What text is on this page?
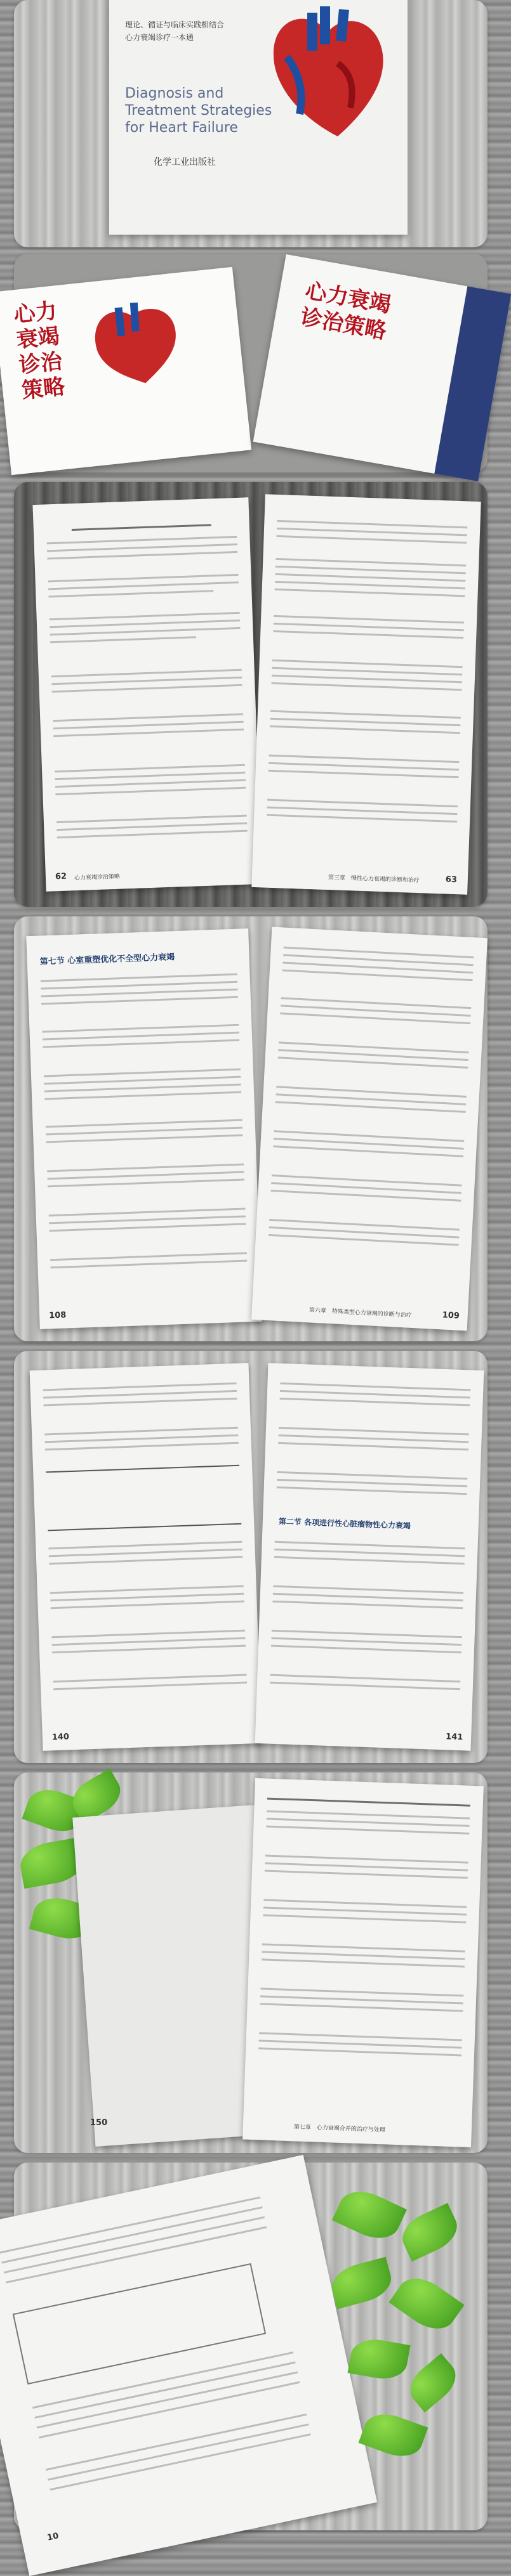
理论、循证与临床实践相结合
心力衰竭诊疗一本通
Diagnosis and
Treatment Strategies
for Heart Failure
化学工业出版社
心力衰竭诊治策略
心力衰竭诊治策略
62 心力衰竭诊治策略	第三章　慢性心力衰竭的诊断和治疗	63
第七节 心室重塑优化不全型心力衰竭
108	第六章　特殊类型心力衰竭的诊断与治疗	109
140
第二节 各项进行性心脏瘤物性心力衰竭
141
第七章　心力衰竭合并的治疗与处理
150
10
